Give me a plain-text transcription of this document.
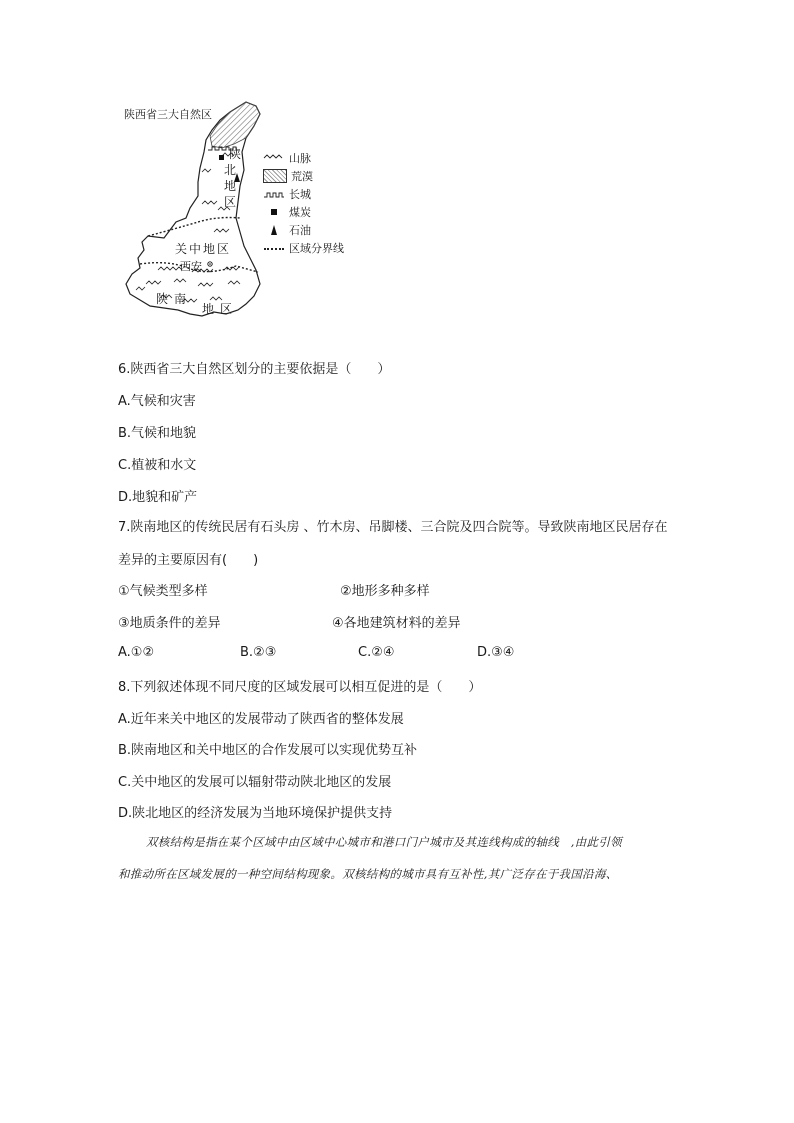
陕西省三大自然区
陕
北
地
区
关中地区
西安
陕 南
地 区
山脉
荒漠
长城
煤炭
石油
区域分界线
6.陕西省三大自然区划分的主要依据是（　　）
A.气候和灾害
B.气候和地貌
C.植被和水文
D.地貌和矿产
7.陕南地区的传统民居有石头房 、竹木房、吊脚楼、三合院及四合院等。导致陕南地区民居存在
差异的主要原因有(　　)
①气候类型多样	②地形多种多样
③地质条件的差异	④各地建筑材料的差异
A.①②	B.②③	C.②④	D.③④
8.下列叙述体现不同尺度的区域发展可以相互促进的是（　　）
A.近年来关中地区的发展带动了陕西省的整体发展
B.陕南地区和关中地区的合作发展可以实现优势互补
C.关中地区的发展可以辐射带动陕北地区的发展
D.陕北地区的经济发展为当地环境保护提供支持
双核结构是指在某个区域中由区域中心城市和港口门户城市及其连线构成的轴线　,由此引领
和推动所在区域发展的一种空间结构现象。双核结构的城市具有互补性,其广泛存在于我国沿海、
